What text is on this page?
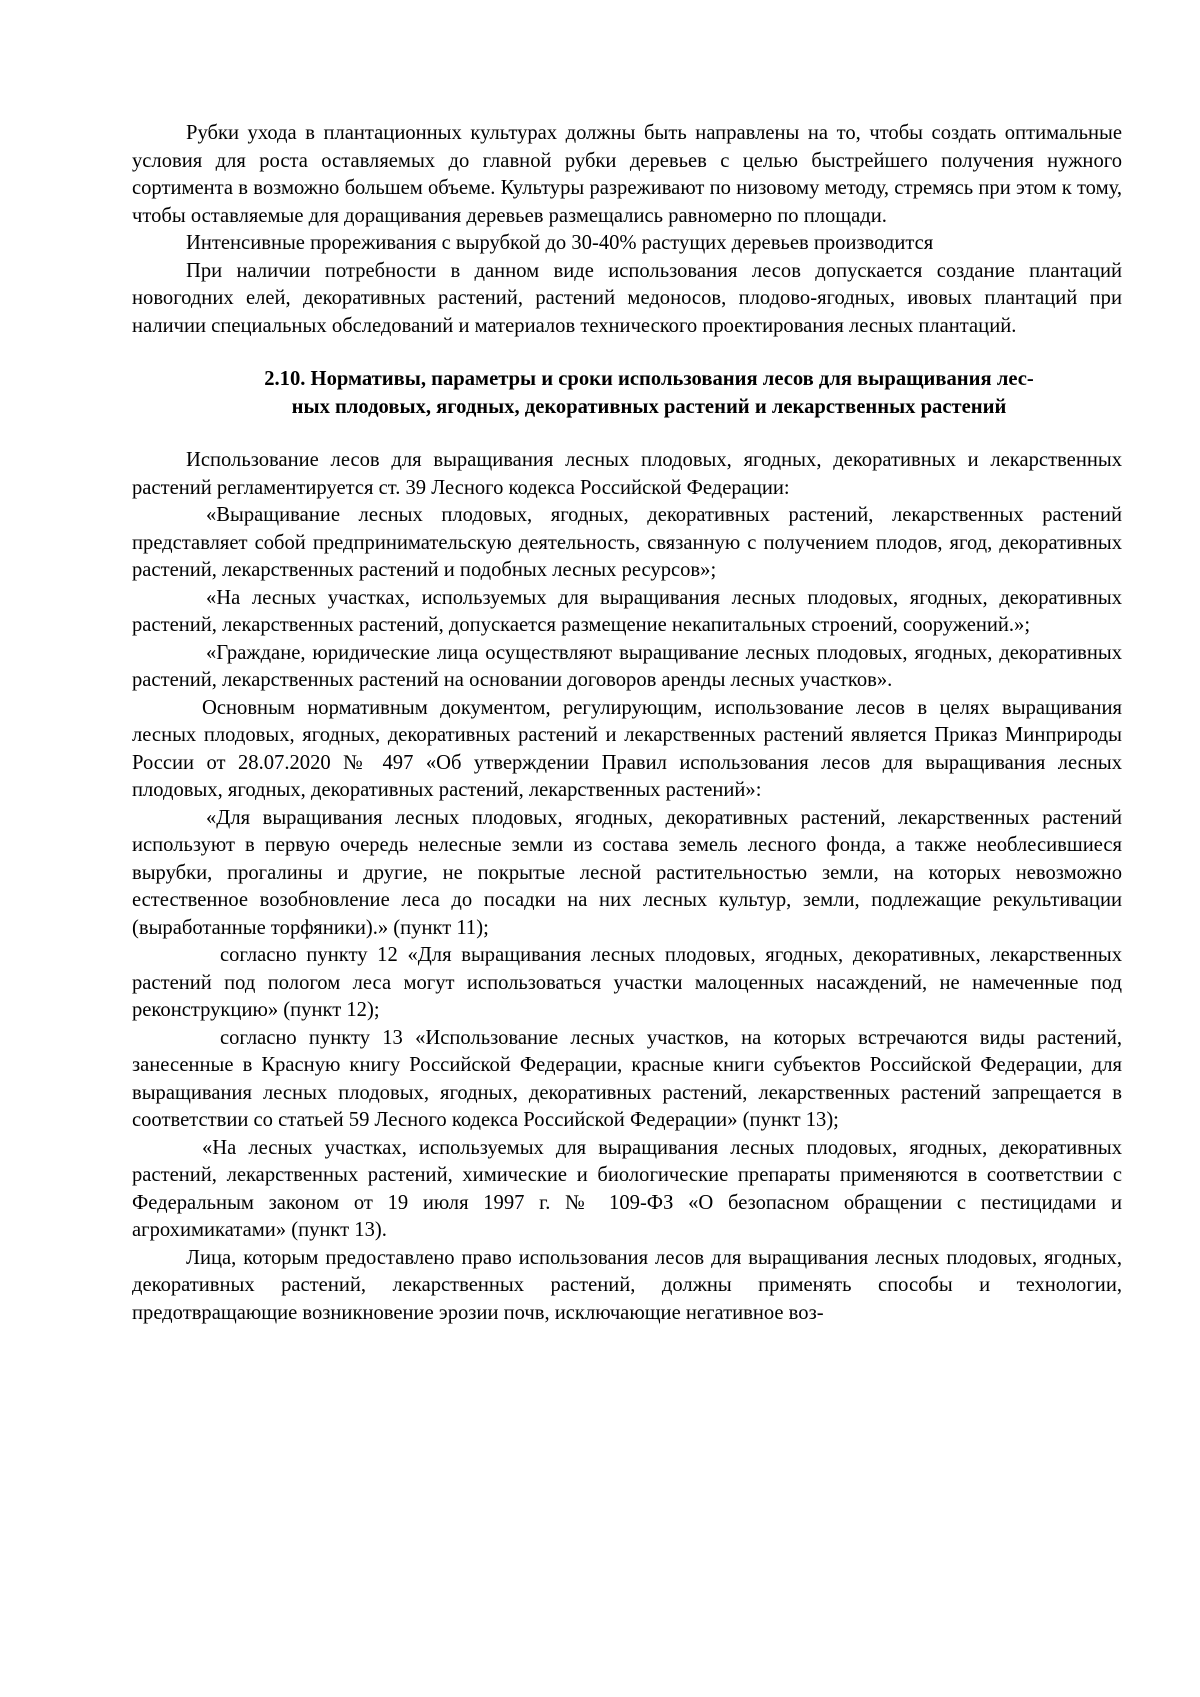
Рубки ухода в плантационных культурах должны быть направлены на то, чтобы создать оптимальные условия для роста оставляемых до главной рубки деревьев с целью быстрейшего получения нужного сортимента в возможно большем объеме. Культуры разреживают по низовому методу, стремясь при этом к тому, чтобы оставляемые для доращивания деревьев размещались равномерно по площади.

Интенсивные прореживания с вырубкой до 30-40% растущих деревьев производится

При наличии потребности в данном виде использования лесов допускается создание плантаций новогодних елей, декоративных растений, растений медоносов, плодово-ягодных, ивовых плантаций при наличии специальных обследований и материалов технического проектирования лесных плантаций.

2.10. Нормативы, параметры и сроки использования лесов для выращивания лес-
ных плодовых, ягодных, декоративных растений и лекарственных растений

Использование лесов для выращивания лесных плодовых, ягодных, декоративных и лекарственных растений регламентируется ст. 39 Лесного кодекса Российской Федерации:

«Выращивание лесных плодовых, ягодных, декоративных растений, лекарственных растений представляет собой предпринимательскую деятельность, связанную с получением плодов, ягод, декоративных растений, лекарственных растений и подобных лесных ресурсов»;

«На лесных участках, используемых для выращивания лесных плодовых, ягодных, декоративных растений, лекарственных растений, допускается размещение некапитальных строений, сооружений.»;

«Граждане, юридические лица осуществляют выращивание лесных плодовых, ягодных, декоративных растений, лекарственных растений на основании договоров аренды лесных участков».

Основным нормативным документом, регулирующим, использование лесов в целях выращивания лесных плодовых, ягодных, декоративных растений и лекарственных растений является Приказ Минприроды России от 28.07.2020 № 497 «Об утверждении Правил использования лесов для выращивания лесных плодовых, ягодных, декоративных растений, лекарственных растений»:

«Для выращивания лесных плодовых, ягодных, декоративных растений, лекарственных растений используют в первую очередь нелесные земли из состава земель лесного фонда, а также необлесившиеся вырубки, прогалины и другие, не покрытые лесной растительностью земли, на которых невозможно естественное возобновление леса до посадки на них лесных культур, земли, подлежащие рекультивации (выработанные торфяники).» (пункт 11);

согласно пункту 12 «Для выращивания лесных плодовых, ягодных, декоративных, лекарственных растений под пологом леса могут использоваться участки малоценных насаждений, не намеченные под реконструкцию» (пункт 12);

согласно пункту 13 «Использование лесных участков, на которых встречаются виды растений, занесенные в Красную книгу Российской Федерации, красные книги субъектов Российской Федерации, для выращивания лесных плодовых, ягодных, декоративных растений, лекарственных растений запрещается в соответствии со статьей 59 Лесного кодекса Российской Федерации» (пункт 13);

«На лесных участках, используемых для выращивания лесных плодовых, ягодных, декоративных растений, лекарственных растений, химические и биологические препараты применяются в соответствии с Федеральным законом от 19 июля 1997 г. № 109-ФЗ «О безопасном обращении с пестицидами и агрохимикатами» (пункт 13).

Лица, которым предоставлено право использования лесов для выращивания лесных плодовых, ягодных, декоративных растений, лекарственных растений, должны применять способы и технологии, предотвращающие возникновение эрозии почв, исключающие негативное воз-
